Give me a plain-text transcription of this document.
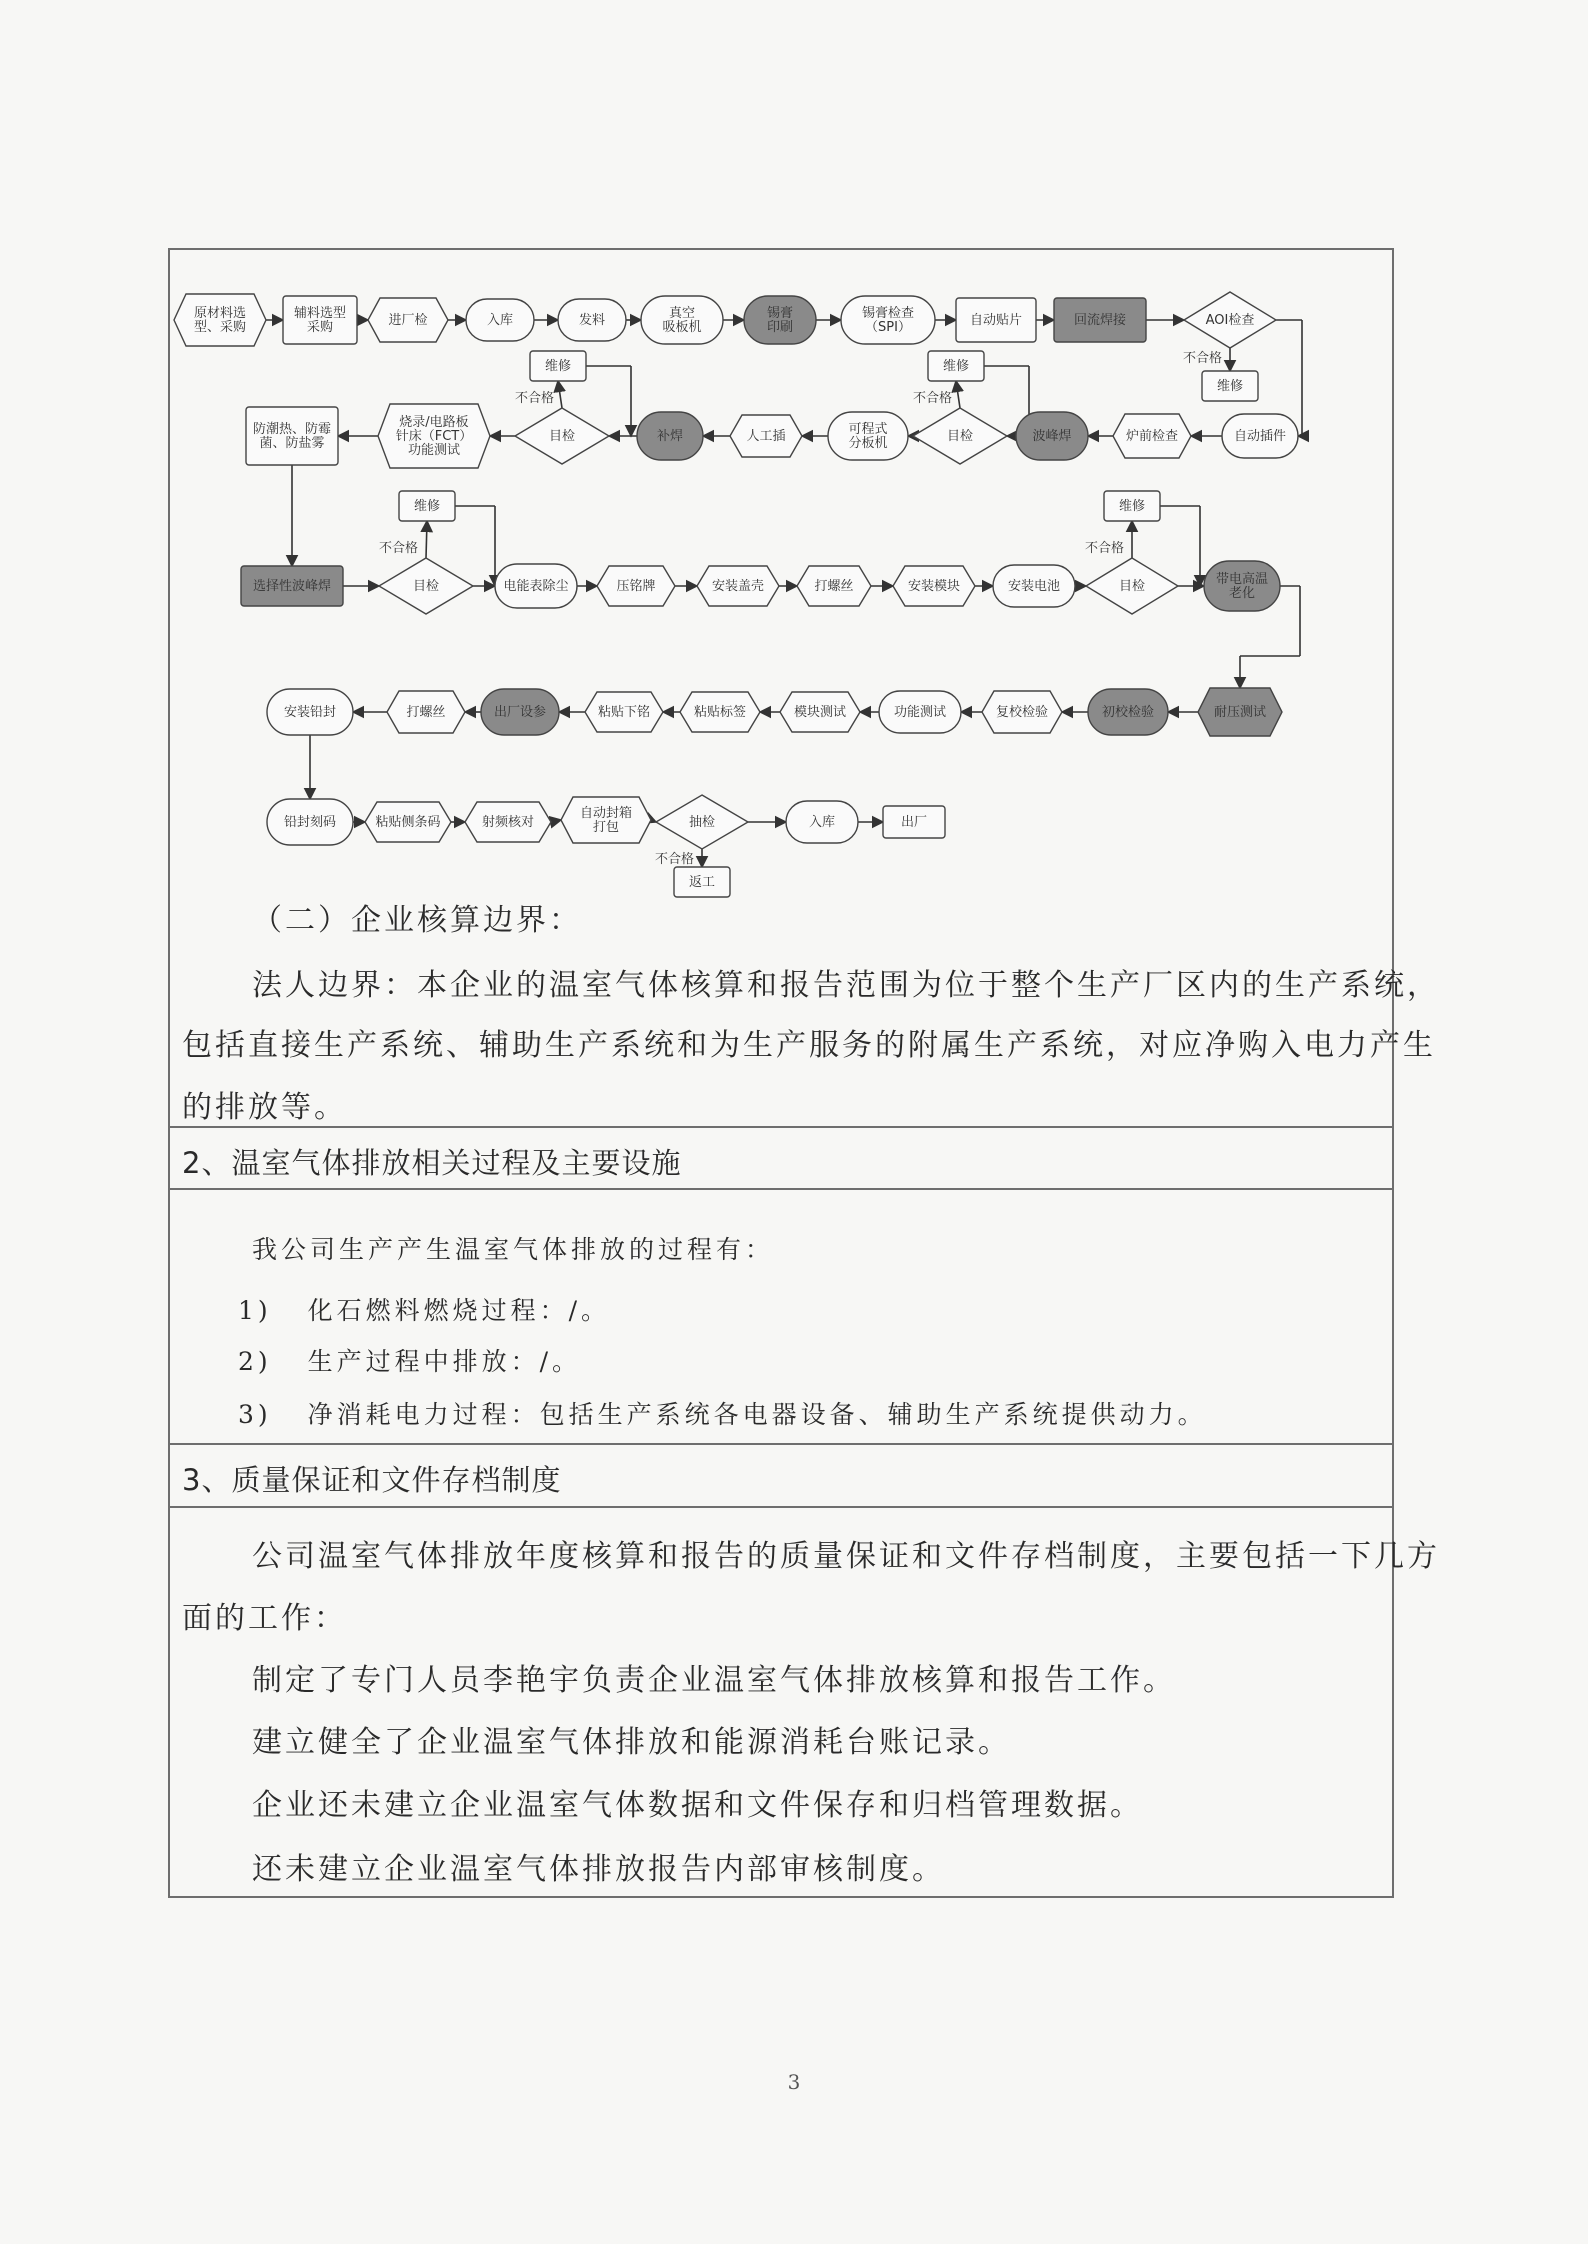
不合格
不合格
不合格
不合格	不合格
不合格
原材料选
型、采购
辅料选型
采购	进厂检	入库	发料	真空
吸板机
锡膏
印刷
锡膏检查
（SPI）	自动贴片	回流焊接	AOI检查
维修
自动插件
炉前检查
波峰焊
目检
维修
可程式
分板机
人工插
补焊
目检
维修
烧录/电路板
针床（FCT）
功能测试
防潮热、防霉
菌、防盐雾
选择性波峰焊	目检
维修
电能表除尘	压铭牌	安装盖壳	打螺丝	安装模块	安装电池	目检
维修
带电高温
老化
耐压测试
初校检验
复校检验
功能测试
模块测试
粘贴标签
粘贴下铭
出厂设参
打螺丝
安装铅封
铅封刻码	粘贴侧条码	射频核对
自动封箱
打包	抽检
返工
入库	出厂
（二）企业核算边界：
法人边界：本企业的温室气体核算和报告范围为位于整个生产厂区内的生产系统，
包括直接生产系统、辅助生产系统和为生产服务的附属生产系统，对应净购入电力产生
的排放等。
2、温室气体排放相关过程及主要设施
我公司生产产生温室气体排放的过程有：
1) 化石燃料燃烧过程：/。
2) 生产过程中排放：/。
3) 净消耗电力过程：包括生产系统各电器设备、辅助生产系统提供动力。
3、质量保证和文件存档制度
公司温室气体排放年度核算和报告的质量保证和文件存档制度，主要包括一下几方
面的工作：
制定了专门人员李艳宇负责企业温室气体排放核算和报告工作。
建立健全了企业温室气体排放和能源消耗台账记录。
企业还未建立企业温室气体数据和文件保存和归档管理数据。
还未建立企业温室气体排放报告内部审核制度。
3
